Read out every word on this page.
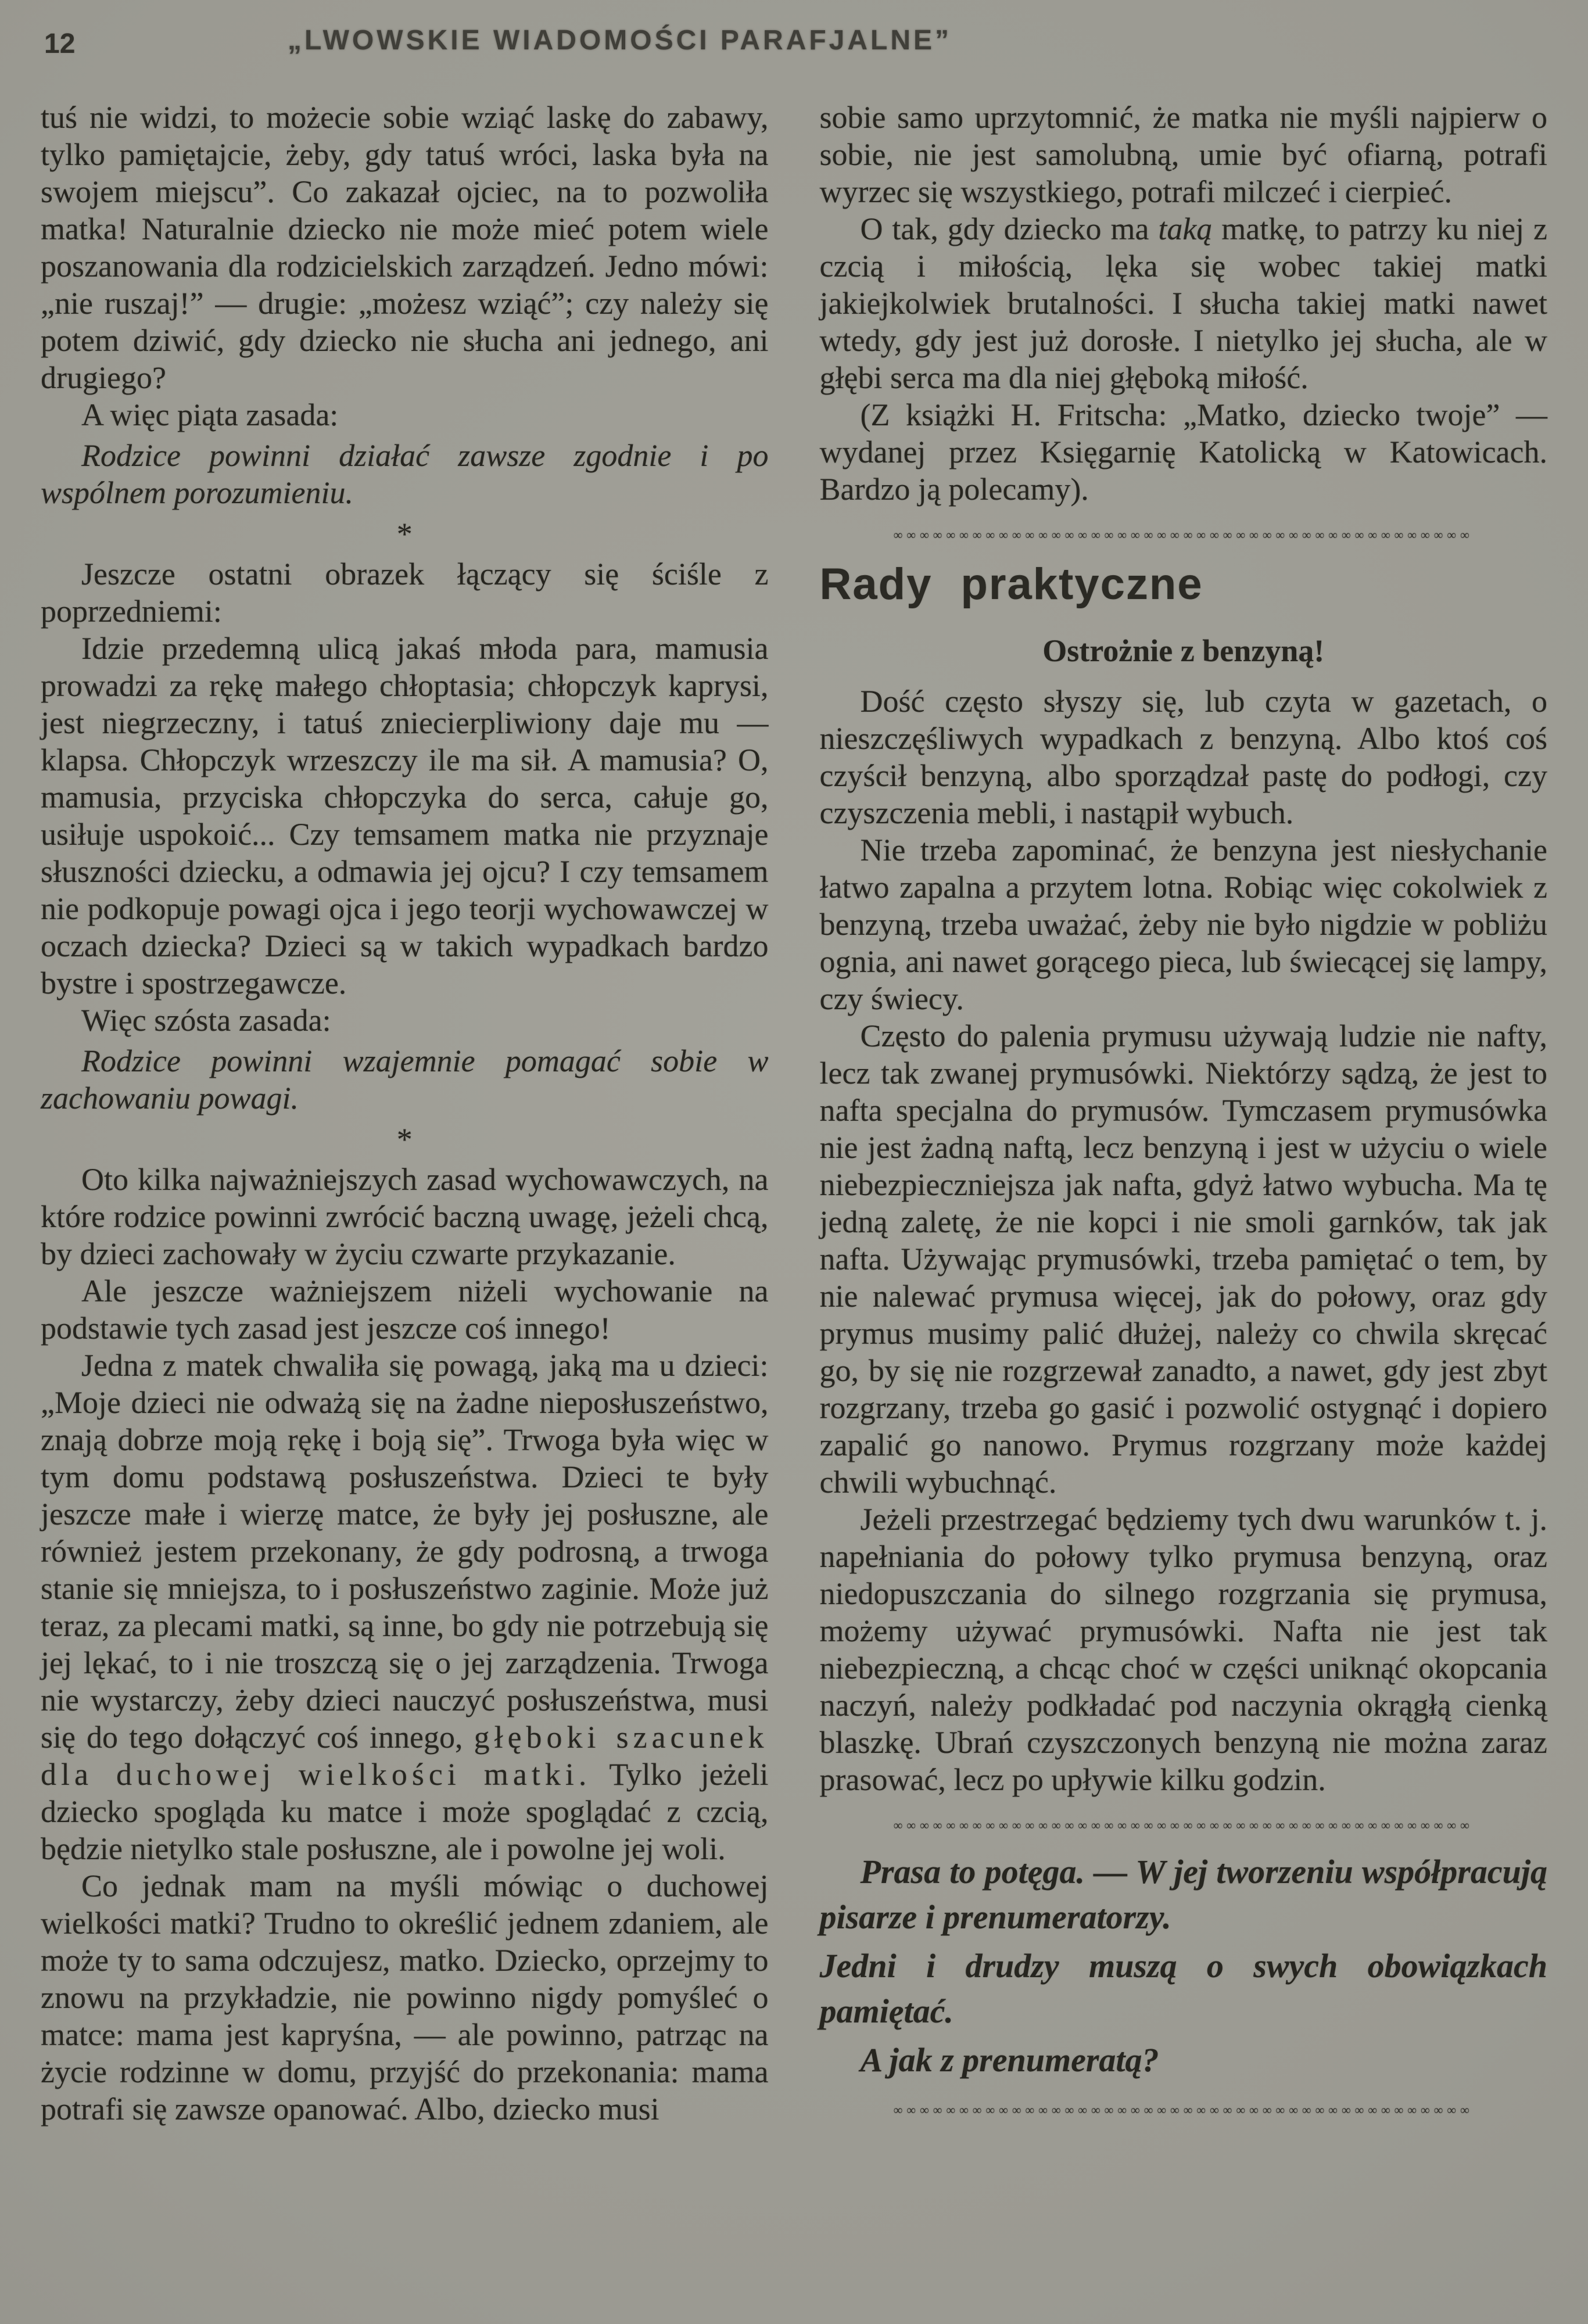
12	„LWOWSKIE WIADOMOŚCI PARAFJALNE”

tuś nie widzi, to możecie sobie wziąć laskę do zabawy, tylko pamiętajcie, żeby, gdy tatuś wróci, laska była na swojem miejscu”. Co zakazał ojciec, na to pozwoliła matka! Naturalnie dziecko nie może mieć potem wiele poszanowania dla rodzicielskich zarządzeń. Jedno mówi: „nie ruszaj!” — drugie: „możesz wziąć”; czy należy się potem dziwić, gdy dziecko nie słucha ani jednego, ani drugiego?

A więc piąta zasada:

Rodzice powinni działać zawsze zgodnie i po wspólnem porozumieniu.

*

Jeszcze ostatni obrazek łączący się ściśle z poprzedniemi:

Idzie przedemną ulicą jakaś młoda para, mamusia prowadzi za rękę małego chłoptasia; chłopczyk kaprysi, jest niegrzeczny, i tatuś zniecierpliwiony daje mu — klapsa. Chłopczyk wrzeszczy ile ma sił. A mamusia? O, mamusia, przyciska chłopczyka do serca, całuje go, usiłuje uspokoić... Czy temsamem matka nie przyznaje słuszności dziecku, a odmawia jej ojcu? I czy temsamem nie podkopuje powagi ojca i jego teorji wychowawczej w oczach dziecka? Dzieci są w takich wypadkach bardzo bystre i spostrzegawcze.

Więc szósta zasada:

Rodzice powinni wzajemnie pomagać sobie w zachowaniu powagi.

*

Oto kilka najważniejszych zasad wychowawczych, na które rodzice powinni zwrócić baczną uwagę, jeżeli chcą, by dzieci zachowały w życiu czwarte przykazanie.

Ale jeszcze ważniejszem niżeli wychowanie na podstawie tych zasad jest jeszcze coś innego!

Jedna z matek chwaliła się powagą, jaką ma u dzieci: „Moje dzieci nie odważą się na żadne nieposłuszeństwo, znają dobrze moją rękę i boją się”. Trwoga była więc w tym domu podstawą posłuszeństwa. Dzieci te były jeszcze małe i wierzę matce, że były jej posłuszne, ale również jestem przekonany, że gdy podrosną, a trwoga stanie się mniejsza, to i posłuszeństwo zaginie. Może już teraz, za plecami matki, są inne, bo gdy nie potrzebują się jej lękać, to i nie troszczą się o jej zarządzenia. Trwoga nie wystarczy, żeby dzieci nauczyć posłuszeństwa, musi się do tego dołączyć coś innego, głęboki szacunek dla duchowej wielkości matki. Tylko jeżeli dziecko spogląda ku matce i może spoglądać z czcią, będzie nietylko stale posłuszne, ale i powolne jej woli.

Co jednak mam na myśli mówiąc o duchowej wielkości matki? Trudno to określić jednem zdaniem, ale może ty to sama odczujesz, matko. Dziecko, oprzejmy to znowu na przykładzie, nie powinno nigdy pomyśleć o matce: mama jest kapryśna, — ale powinno, patrząc na życie rodzinne w domu, przyjść do przekonania: mama potrafi się zawsze opanować. Albo, dziecko musi

sobie samo uprzytomnić, że matka nie myśli najpierw o sobie, nie jest samolubną, umie być ofiarną, potrafi wyrzec się wszystkiego, potrafi milczeć i cierpieć.

O tak, gdy dziecko ma taką matkę, to patrzy ku niej z czcią i miłością, lęka się wobec takiej matki jakiejkolwiek brutalności. I słucha takiej matki nawet wtedy, gdy jest już dorosłe. I nietylko jej słucha, ale w głębi serca ma dla niej głęboką miłość.

(Z książki H. Fritscha: „Matko, dziecko twoje” — wydanej przez Księgarnię Katolicką w Katowicach. Bardzo ją polecamy).

∞∞∞∞∞∞∞∞∞∞∞∞∞∞∞∞∞∞∞∞∞∞∞∞∞∞∞∞∞∞∞∞∞∞∞∞∞∞∞∞∞∞∞∞
Rady praktyczne
Ostrożnie z benzyną!

Dość często słyszy się, lub czyta w gazetach, o nieszczęśliwych wypadkach z benzyną. Albo ktoś coś czyścił benzyną, albo sporządzał pastę do podłogi, czy czyszczenia mebli, i nastąpił wybuch.

Nie trzeba zapominać, że benzyna jest niesłychanie łatwo zapalna a przytem lotna. Robiąc więc cokolwiek z benzyną, trzeba uważać, żeby nie było nigdzie w pobliżu ognia, ani nawet gorącego pieca, lub świecącej się lampy, czy świecy.

Często do palenia prymusu używają ludzie nie nafty, lecz tak zwanej prymusówki. Niektórzy sądzą, że jest to nafta specjalna do prymusów. Tymczasem prymusówka nie jest żadną naftą, lecz benzyną i jest w użyciu o wiele niebezpieczniejsza jak nafta, gdyż łatwo wybucha. Ma tę jedną zaletę, że nie kopci i nie smoli garnków, tak jak nafta. Używając prymusówki, trzeba pamiętać o tem, by nie nalewać prymusa więcej, jak do połowy, oraz gdy prymus musimy palić dłużej, należy co chwila skręcać go, by się nie rozgrzewał zanadto, a nawet, gdy jest zbyt rozgrzany, trzeba go gasić i pozwolić ostygnąć i dopiero zapalić go nanowo. Prymus rozgrzany może każdej chwili wybuchnąć.

Jeżeli przestrzegać będziemy tych dwu warunków t. j. napełniania do połowy tylko prymusa benzyną, oraz niedopuszczania do silnego rozgrzania się prymusa, możemy używać prymusówki. Nafta nie jest tak niebezpieczną, a chcąc choć w części uniknąć okopcania naczyń, należy podkładać pod naczynia okrągłą cienką blaszkę. Ubrań czyszczonych benzyną nie można zaraz prasować, lecz po upływie kilku godzin.

∞∞∞∞∞∞∞∞∞∞∞∞∞∞∞∞∞∞∞∞∞∞∞∞∞∞∞∞∞∞∞∞∞∞∞∞∞∞∞∞∞∞∞∞

Prasa to potęga. — W jej tworzeniu współpracują pisarze i prenumeratorzy.

Jedni i drudzy muszą o swych obowiązkach pamiętać.

A jak z prenumeratą?

∞∞∞∞∞∞∞∞∞∞∞∞∞∞∞∞∞∞∞∞∞∞∞∞∞∞∞∞∞∞∞∞∞∞∞∞∞∞∞∞∞∞∞∞
